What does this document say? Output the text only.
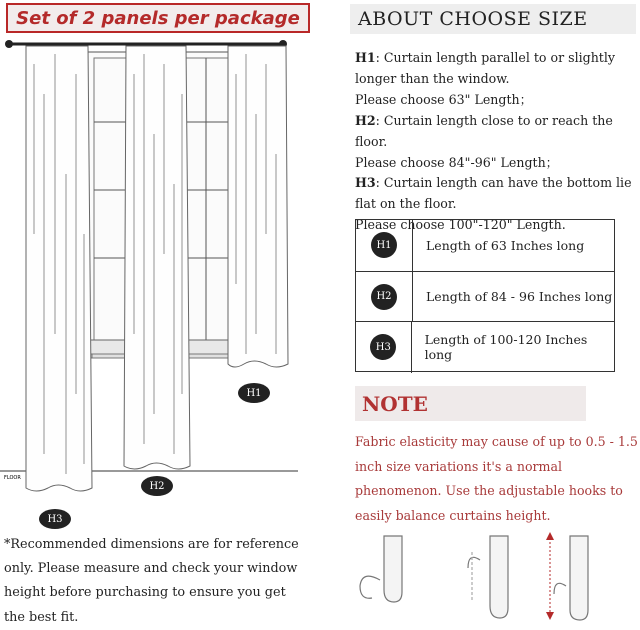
Set of 2 panels per package
FLOOR
H1
H2
H3
*Recommended dimensions are for reference only. Please measure and check your window height before purchasing to ensure you get the best fit.
ABOUT CHOOSE SIZE

H1: Curtain length parallel to or slightly longer than the window.

Please choose 63" Length；

H2: Curtain length close to or reach the floor.

Please choose 84"-96" Length；

H3: Curtain length can have the bottom lie flat on the floor.

Please choose 100"-120" Length.

H1	Length of 63 Inches long
H2	Length of 84 - 96 Inches long
H3	Length of 100-120 Inches long
NOTE
Fabric elasticity may cause of up to 0.5 - 1.5 inch size variations it's a normal phenomenon. Use the adjustable hooks to easily balance curtains height.
